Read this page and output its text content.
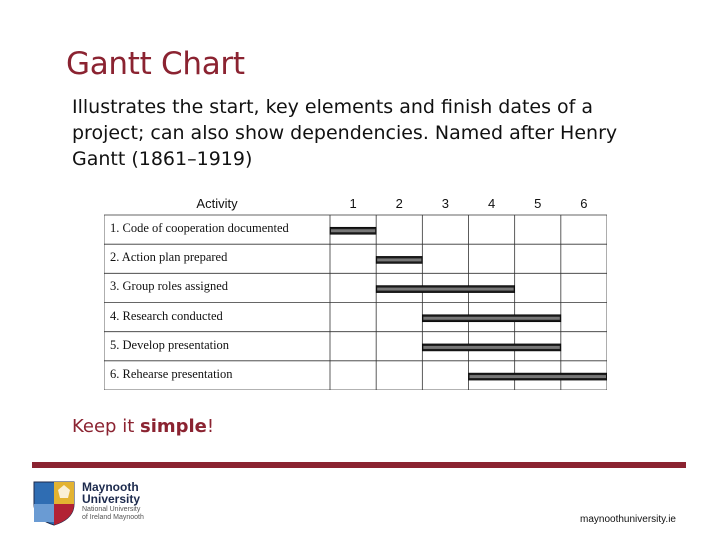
Gantt Chart
Illustrates the start, key elements and finish dates of a project; can also show dependencies. Named after Henry Gantt (1861–1919)
Activity	1	2	3	4	5	6
1. Code of cooperation documented
2. Action plan prepared
3. Group roles assigned
4. Research conducted
5. Develop presentation
6. Rehearse presentation
Keep it simple!
Maynooth
University
National University
of Ireland Maynooth	maynoothuniversity.ie
